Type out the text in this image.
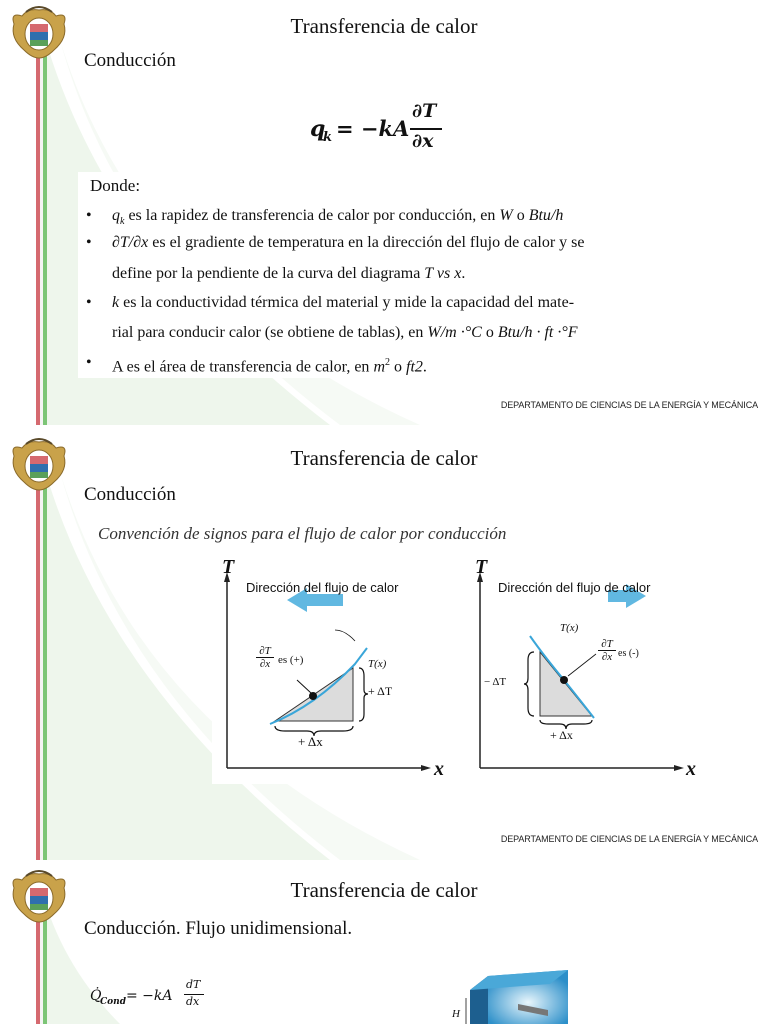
Transferencia de calor
Conducción
q
k = −kA
∂T
∂x
Donde:
• $q_k$ es la rapidez de transferencia de calor por conducción, en W o Btu/h
• ∂T/∂x es el gradiente de temperatura en la dirección del flujo de calor y se
define por la pendiente de la curva del diagrama T vs x.
• k es la conductividad térmica del material y mide la capacidad del mate-
rial para conducir calor (se obtiene de tablas), en W/m ·°C o Btu/h · ft ·°F
• A es el área de transferencia de calor, en $m^2$ o ft2.
DEPARTAMENTO DE CIENCIAS DE LA ENERGÍA Y MECÁNICA
Transferencia de calor
Conducción
Convención de signos para el flujo de calor por conducción
T
x
Dirección del flujo de calor
∂T
∂x es (+)	T(x)
+ ΔT
+ Δx
T
x
Dirección del flujo de calor
T(x)
∂T
∂x es (-)
− ΔT
+ Δx
DEPARTAMENTO DE CIENCIAS DE LA ENERGÍA Y MECÁNICA
Transferencia de calor
Conducción. Flujo unidimensional.
Q̇
Cond = −kA
dT
dx
H
